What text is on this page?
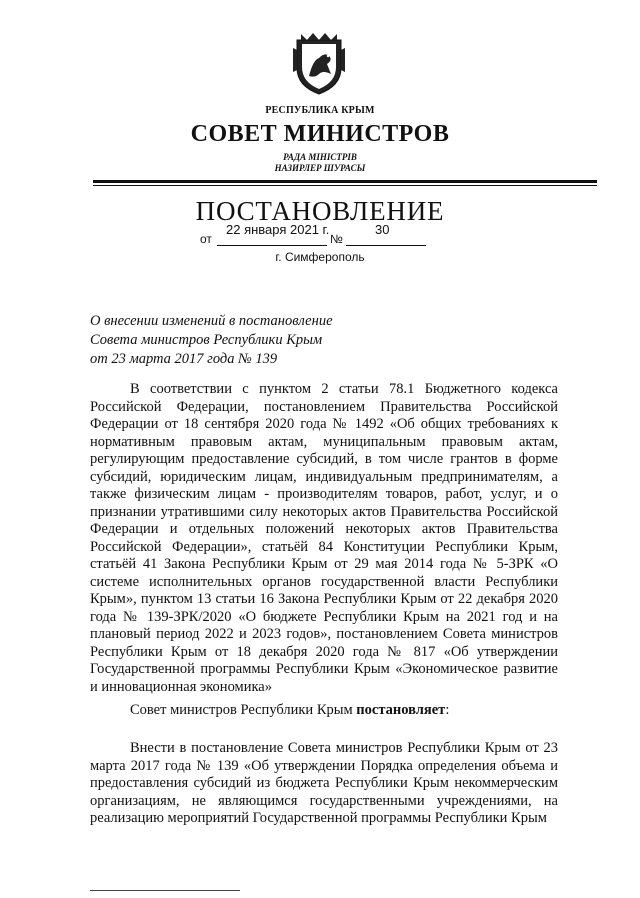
РЕСПУБЛИКА КРЫМ
СОВЕТ МИНИСТРОВ
РАДА МІНІСТРІВ
НАЗИРЛЕР ШУРАСЫ
ПОСТАНОВЛЕНИЕ
от
22 января 2021 г.
№
30
г. Симферополь
О внесении изменений в постановление
Совета министров Республики Крым
от 23 марта 2017 года № 139
В соответствии с пунктом 2 статьи 78.1 Бюджетного кодекса Российской Федерации, постановлением Правительства Российской Федерации от 18 сентября 2020 года № 1492 «Об общих требованиях к нормативным правовым актам, муниципальным правовым актам, регулирующим предоставление субсидий, в том числе грантов в форме субсидий, юридическим лицам, индивидуальным предпринимателям, а также физическим лицам - производителям товаров, работ, услуг, и о признании утратившими силу некоторых актов Правительства Российской Федерации и отдельных положений некоторых актов Правительства Российской Федерации», статьёй 84 Конституции Республики Крым, статьёй 41 Закона Республики Крым от 29 мая 2014 года № 5-ЗРК «О системе исполнительных органов государственной власти Республики Крым», пунктом 13 статьи 16 Закона Республики Крым от 22 декабря 2020 года № 139-ЗРК/2020 «О бюджете Республики Крым на 2021 год и на плановый период 2022 и 2023 годов», постановлением Совета министров Республики Крым от 18 декабря 2020 года № 817 «Об утверждении Государственной программы Республики Крым «Экономическое развитие и инновационная экономика»
Совет министров Республики Крым постановляет:
Внести в постановление Совета министров Республики Крым от 23 марта 2017 года № 139 «Об утверждении Порядка определения объема и предоставления субсидий из бюджета Республики Крым некоммерческим организациям, не являющимся государственными учреждениями, на реализацию мероприятий Государственной программы Республики Крым
